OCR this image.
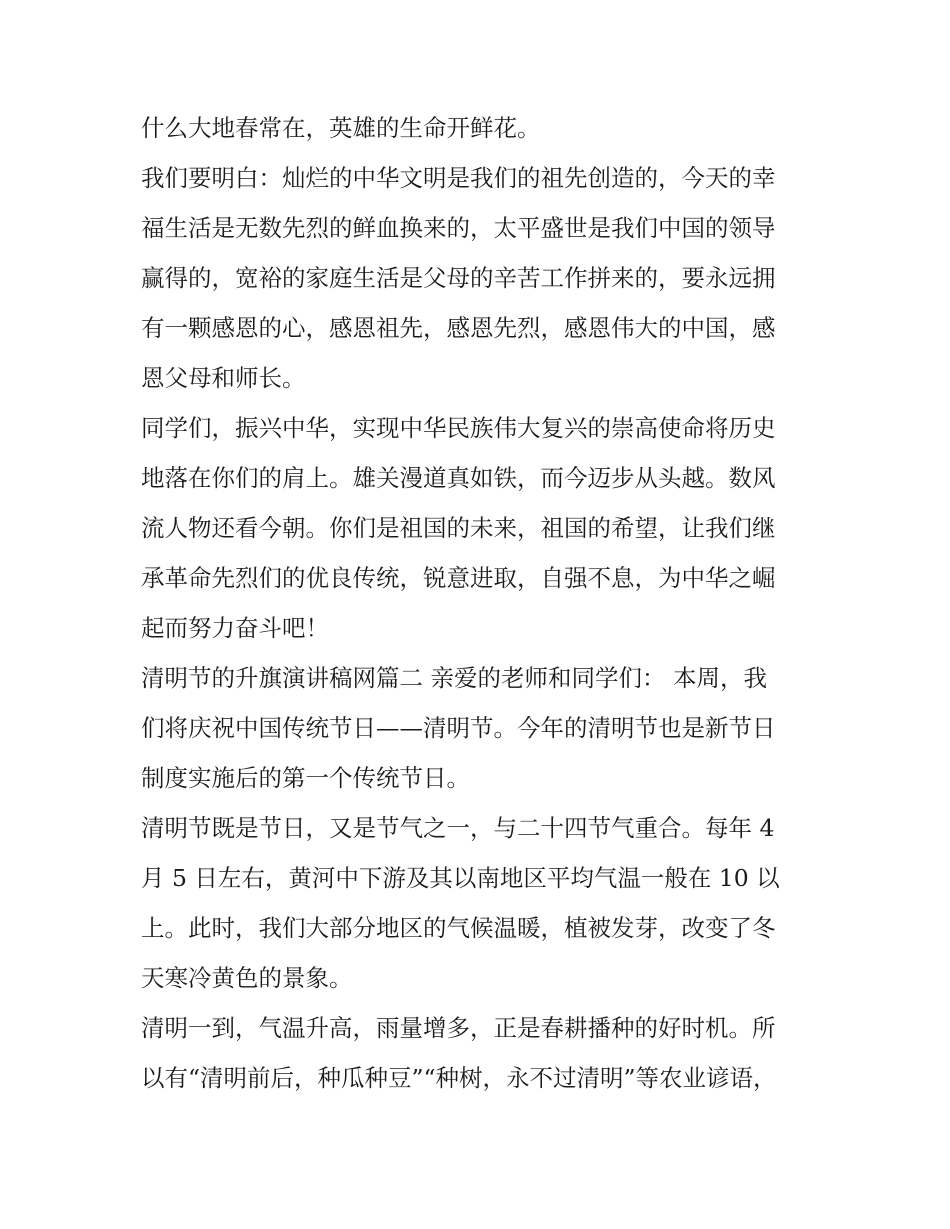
什么大地春常在，英雄的生命开鲜花。
我们要明白：灿烂的中华文明是我们的祖先创造的，今天的幸
福生活是无数先烈的鲜血换来的，太平盛世是我们中国的领导
赢得的，宽裕的家庭生活是父母的辛苦工作拼来的，要永远拥
有一颗感恩的心，感恩祖先，感恩先烈，感恩伟大的中国，感
恩父母和师长。
同学们，振兴中华，实现中华民族伟大复兴的崇高使命将历史
地落在你们的肩上。雄关漫道真如铁，而今迈步从头越。数风
流人物还看今朝。你们是祖国的未来，祖国的希望，让我们继
承革命先烈们的优良传统，锐意进取，自强不息，为中华之崛
起而努力奋斗吧！
清明节的升旗演讲稿网篇二 亲爱的老师和同学们： 本周，我
们将庆祝中国传统节日——清明节。今年的清明节也是新节日
制度实施后的第一个传统节日。
清明节既是节日，又是节气之一，与二十四节气重合。每年 4
月 5 日左右，黄河中下游及其以南地区平均气温一般在 10 以
上。此时，我们大部分地区的气候温暖，植被发芽，改变了冬
天寒冷黄色的景象。
清明一到，气温升高，雨量增多，正是春耕播种的好时机。所
以有“清明前后，种瓜种豆”“种树，永不过清明”等农业谚语，
